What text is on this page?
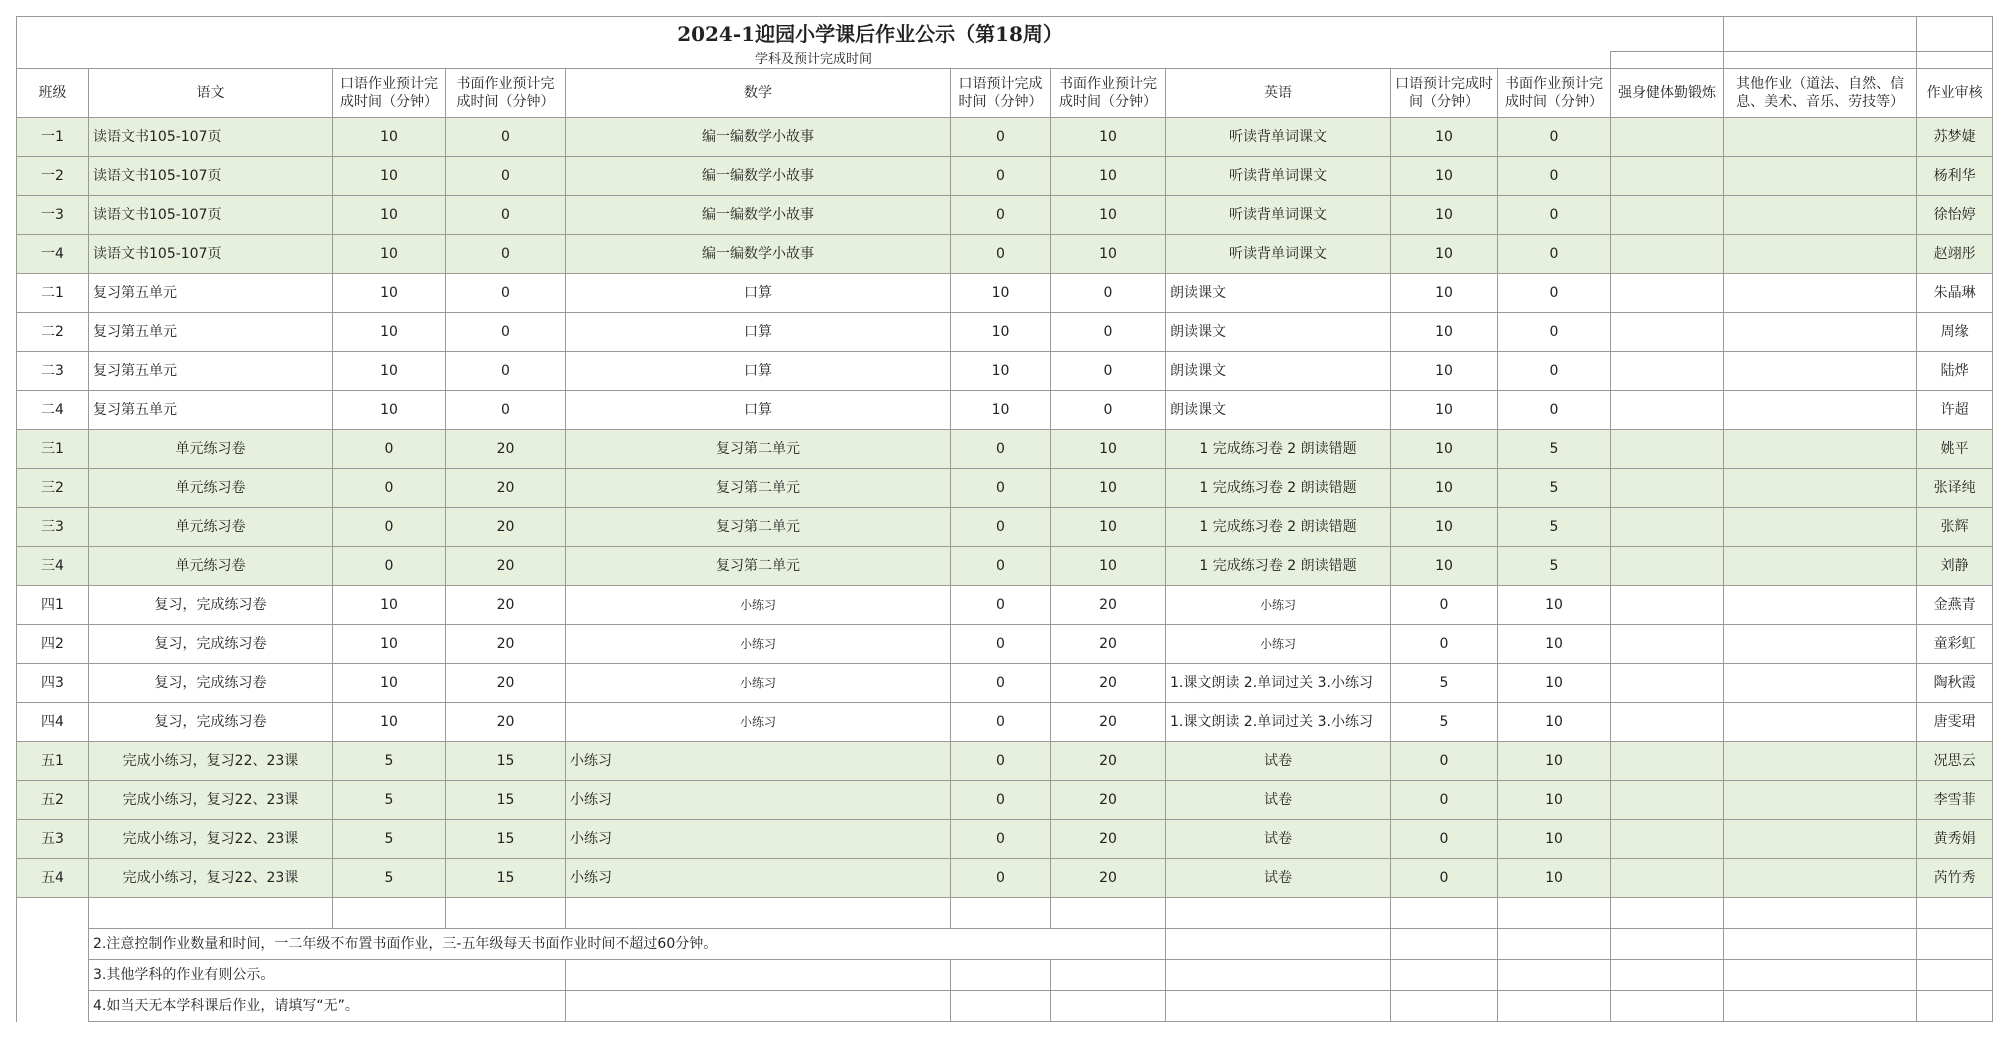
2024-1迎园小学课后作业公示（第18周）												
学科及预计完成时间												
班级	语文	口语作业预计完成时间（分钟）	书面作业预计完成时间（分钟）	数学	口语预计完成时间（分钟）	书面作业预计完成时间（分钟）	英语	口语预计完成时间（分钟）	书面作业预计完成时间（分钟）	强身健体勤锻炼	其他作业（道法、自然、信息、美术、音乐、劳技等）	作业审核
一1	读语文书105-107页	10	0	编一编数学小故事	0	10	听读背单词课文	10	0			苏梦婕
一2	读语文书105-107页	10	0	编一编数学小故事	0	10	听读背单词课文	10	0			杨利华
一3	读语文书105-107页	10	0	编一编数学小故事	0	10	听读背单词课文	10	0			徐怡婷
一4	读语文书105-107页	10	0	编一编数学小故事	0	10	听读背单词课文	10	0			赵翊彤
二1	复习第五单元	10	0	口算	10	0	朗读课文	10	0			朱晶琳
二2	复习第五单元	10	0	口算	10	0	朗读课文	10	0			周缘
二3	复习第五单元	10	0	口算	10	0	朗读课文	10	0			陆烨
二4	复习第五单元	10	0	口算	10	0	朗读课文	10	0			许超
三1	单元练习卷	0	20	复习第二单元	0	10	1 完成练习卷 2 朗读错题	10	5			姚平
三2	单元练习卷	0	20	复习第二单元	0	10	1 完成练习卷 2 朗读错题	10	5			张译纯
三3	单元练习卷	0	20	复习第二单元	0	10	1 完成练习卷 2 朗读错题	10	5			张辉
三4	单元练习卷	0	20	复习第二单元	0	10	1 完成练习卷 2 朗读错题	10	5			刘静
四1	复习，完成练习卷	10	20	小练习	0	20	小练习	0	10			金燕青
四2	复习，完成练习卷	10	20	小练习	0	20	小练习	0	10			童彩虹
四3	复习，完成练习卷	10	20	小练习	0	20	1.课文朗读 2.单词过关 3.小练习	5	10			陶秋霞
四4	复习，完成练习卷	10	20	小练习	0	20	1.课文朗读 2.单词过关 3.小练习	5	10			唐雯珺
五1	完成小练习，复习22、23课	5	15	小练习	0	20	试卷	0	10			况思云
五2	完成小练习，复习22、23课	5	15	小练习	0	20	试卷	0	10			李雪菲
五3	完成小练习，复习22、23课	5	15	小练习	0	20	试卷	0	10			黄秀娟
五4	完成小练习，复习22、23课	5	15	小练习	0	20	试卷	0	10			芮竹秀

	2.注意控制作业数量和时间，一二年级不布置书面作业，三-五年级每天书面作业时间不超过60分钟。											
	3.其他学科的作业有则公示。											
	4.如当天无本学科课后作业，请填写“无”。											
